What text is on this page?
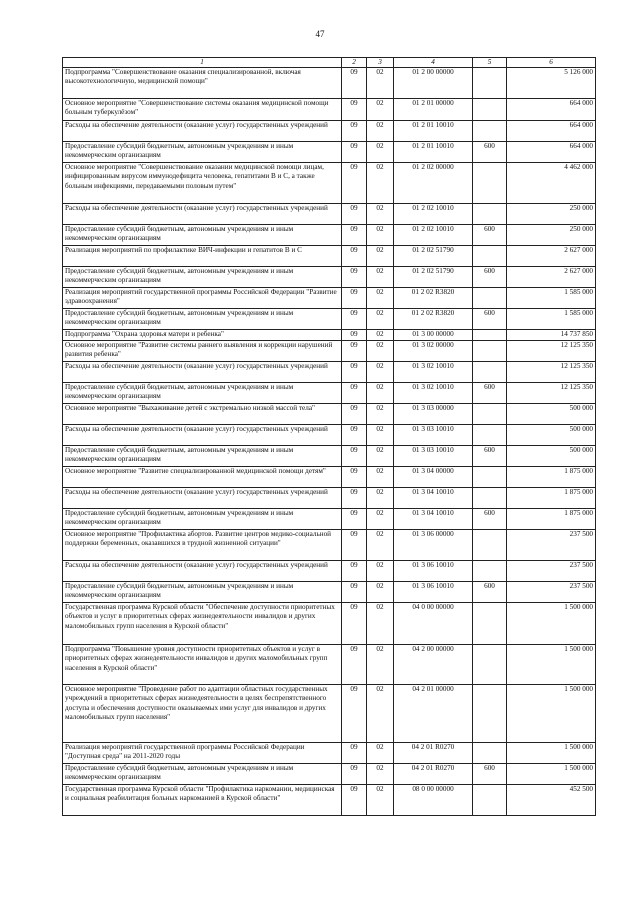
47
1	2	3	4	5	6
Подпрограмма "Совершенствование оказания специализированной, включая высокотехнологичную, медицинской помощи"	09	02	01 2 00 00000		5 126 000
Основное мероприятие "Совершенствование системы оказания медицинской помощи больным туберкулёзом"	09	02	01 2 01 00000		664 000
Расходы на обеспечение деятельности (оказание услуг) государственных учреждений	09	02	01 2 01 10010		664 000
Предоставление субсидий бюджетным, автономным учреждениям и иным некоммерческим организациям	09	02	01 2 01 10010	600	664 000
Основное мероприятие "Совершенствование оказании медицинской помощи лицам, инфицированным вирусом иммунодефицита человека, гепатитами В и С, а также больным инфекциями, передаваемыми половым путем"	09	02	01 2 02 00000		4 462 000
Расходы на обеспечение деятельности (оказание услуг) государственных учреждений	09	02	01 2 02 10010		250 000
Предоставление субсидий бюджетным, автономным учреждениям и иным некоммерческим организациям	09	02	01 2 02 10010	600	250 000
Реализация мероприятий по профилактике ВИЧ-инфекции и гепатитов В и С	09	02	01 2 02 51790		2 627 000
Предоставление субсидий бюджетным, автономным учреждениям и иным некоммерческим организациям	09	02	01 2 02 51790	600	2 627 000
Реализация мероприятий государственной программы Российской Федерации "Развитие здравоохранения"	09	02	01 2 02 R3820		1 585 000
Предоставление субсидий бюджетным, автономным учреждениям и иным некоммерческим организациям	09	02	01 2 02 R3820	600	1 585 000
Подпрограмма "Охрана здоровья матери и ребенка"	09	02	01 3 00 00000		14 737 850
Основное мероприятие "Развитие системы раннего выявления и коррекции нарушений развития ребенка"	09	02	01 3 02 00000		12 125 350
Расходы на обеспечение деятельности (оказание услуг) государственных учреждений	09	02	01 3 02 10010		12 125 350
Предоставление субсидий бюджетным, автономным учреждениям и иным некоммерческим организациям	09	02	01 3 02 10010	600	12 125 350
Основное мероприятие "Выхаживание детей с экстремально низкой массой тела"	09	02	01 3 03 00000		500 000
Расходы на обеспечение деятельности (оказание услуг) государственных учреждений	09	02	01 3 03 10010		500 000
Предоставление субсидий бюджетным, автономным учреждениям и иным некоммерческим организациям	09	02	01 3 03 10010	600	500 000
Основное мероприятие "Развитие специализированной медицинской помощи детям"	09	02	01 3 04 00000		1 875 000
Расходы на обеспечение деятельности (оказание услуг) государственных учреждений	09	02	01 3 04 10010		1 875 000
Предоставление субсидий бюджетным, автономным учреждениям и иным некоммерческим организациям	09	02	01 3 04 10010	600	1 875 000
Основное мероприятие "Профилактика абортов. Развитие центров медико-социальной поддержки беременных, оказавшихся в трудной жизненной ситуации"	09	02	01 3 06 00000		237 500
Расходы на обеспечение деятельности (оказание услуг) государственных учреждений	09	02	01 3 06 10010		237 500
Предоставление субсидий бюджетным, автономным учреждениям и иным некоммерческим организациям	09	02	01 3 06 10010	600	237 500
Государственная программа Курской области "Обеспечение доступности приоритетных объектов и услуг в приоритетных сферах жизнедеятельности инвалидов и других маломобильных групп населения в Курской области"	09	02	04 0 00 00000		1 500 000
Подпрограмма "Повышение уровня доступности приоритетных объектов и услуг в приоритетных сферах жизнедеятельности инвалидов и других маломобильных групп населения в Курской области"	09	02	04 2 00 00000		1 500 000
Основное мероприятие "Проведение работ по адаптации областных государственных учреждений в приоритетных сферах жизнедеятельности в целях беспрепятственного доступа и обеспечения доступности оказываемых ими услуг для инвалидов и других маломобильных групп населения"	09	02	04 2 01 00000		1 500 000
Реализация мероприятий государственной программы Российской Федерации "Доступная среда" на 2011-2020 годы	09	02	04 2 01 R0270		1 500 000
Предоставление субсидий бюджетным, автономным учреждениям и иным некоммерческим организациям	09	02	04 2 01 R0270	600	1 500 000
Государственная программа Курской области "Профилактика наркомании, медицинская и социальная реабилитация больных наркоманией в Курской области"	09	02	08 0 00 00000		452 500
